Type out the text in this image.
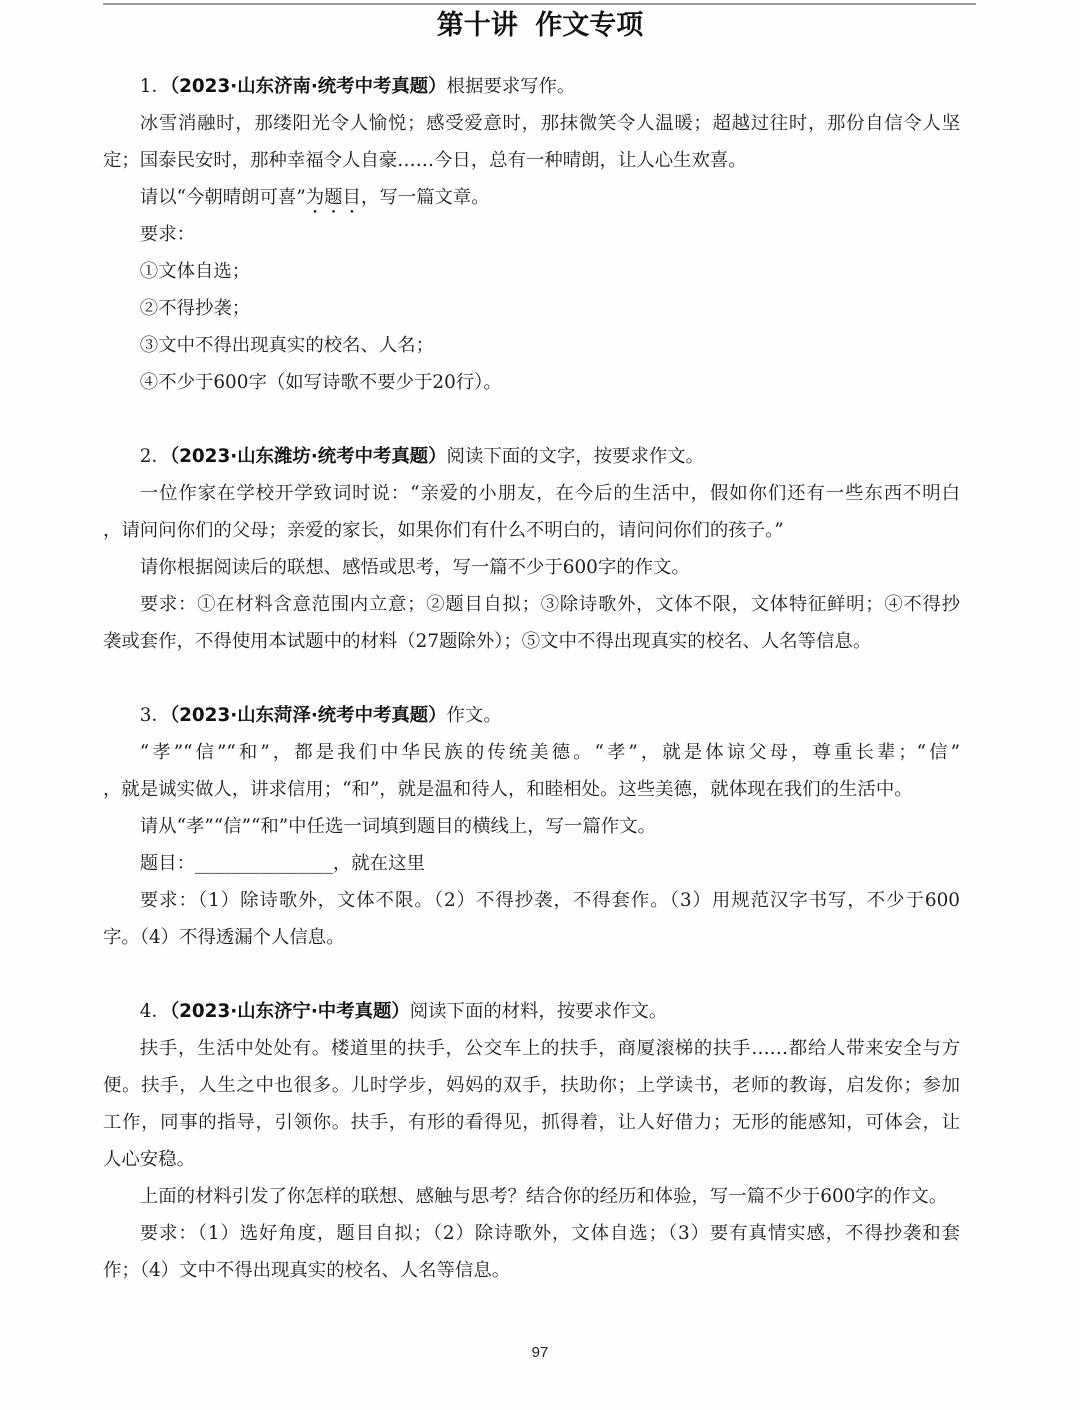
第十讲 作文专项
1．（2023·山东济南·统考中考真题）根据要求写作。
冰雪消融时，那缕阳光令人愉悦；感受爱意时，那抹微笑令人温暖；超越过往时，那份自信令人坚
定；国泰民安时，那种幸福令人自豪……今日，总有一种晴朗，让人心生欢喜。
请以“今朝晴朗可喜”为题目，写一篇文章。
要求：
①文体自选；
②不得抄袭；
③文中不得出现真实的校名、人名；
④不少于600字（如写诗歌不要少于20行）。
2．（2023·山东潍坊·统考中考真题）阅读下面的文字，按要求作文。
一位作家在学校开学致词时说：“亲爱的小朋友，在今后的生活中，假如你们还有一些东西不明白
，请问问你们的父母；亲爱的家长，如果你们有什么不明白的，请问问你们的孩子。”
请你根据阅读后的联想、感悟或思考，写一篇不少于600字的作文。
要求：①在材料含意范围内立意；②题目自拟；③除诗歌外，文体不限，文体特征鲜明；④不得抄
袭或套作，不得使用本试题中的材料（27题除外）；⑤文中不得出现真实的校名、人名等信息。
3．（2023·山东菏泽·统考中考真题）作文。
“孝”“信”“和”，都是我们中华民族的传统美德。“孝”，就是体谅父母，尊重长辈；“信”
，就是诚实做人，讲求信用；“和”，就是温和待人，和睦相处。这些美德，就体现在我们的生活中。
请从“孝”“信”“和”中任选一词填到题目的横线上，写一篇作文。
题目：_______________，就在这里
要求：（1）除诗歌外，文体不限。（2）不得抄袭，不得套作。（3）用规范汉字书写，不少于600
字。（4）不得透漏个人信息。
4．（2023·山东济宁·中考真题）阅读下面的材料，按要求作文。
扶手，生活中处处有。楼道里的扶手，公交车上的扶手，商厦滚梯的扶手……都给人带来安全与方
便。扶手，人生之中也很多。儿时学步，妈妈的双手，扶助你；上学读书，老师的教诲，启发你；参加
工作，同事的指导，引领你。扶手，有形的看得见，抓得着，让人好借力；无形的能感知，可体会，让
人心安稳。
上面的材料引发了你怎样的联想、感触与思考？结合你的经历和体验，写一篇不少于600字的作文。
要求：（1）选好角度，题目自拟；（2）除诗歌外，文体自选；（3）要有真情实感，不得抄袭和套
作；（4）文中不得出现真实的校名、人名等信息。
97
